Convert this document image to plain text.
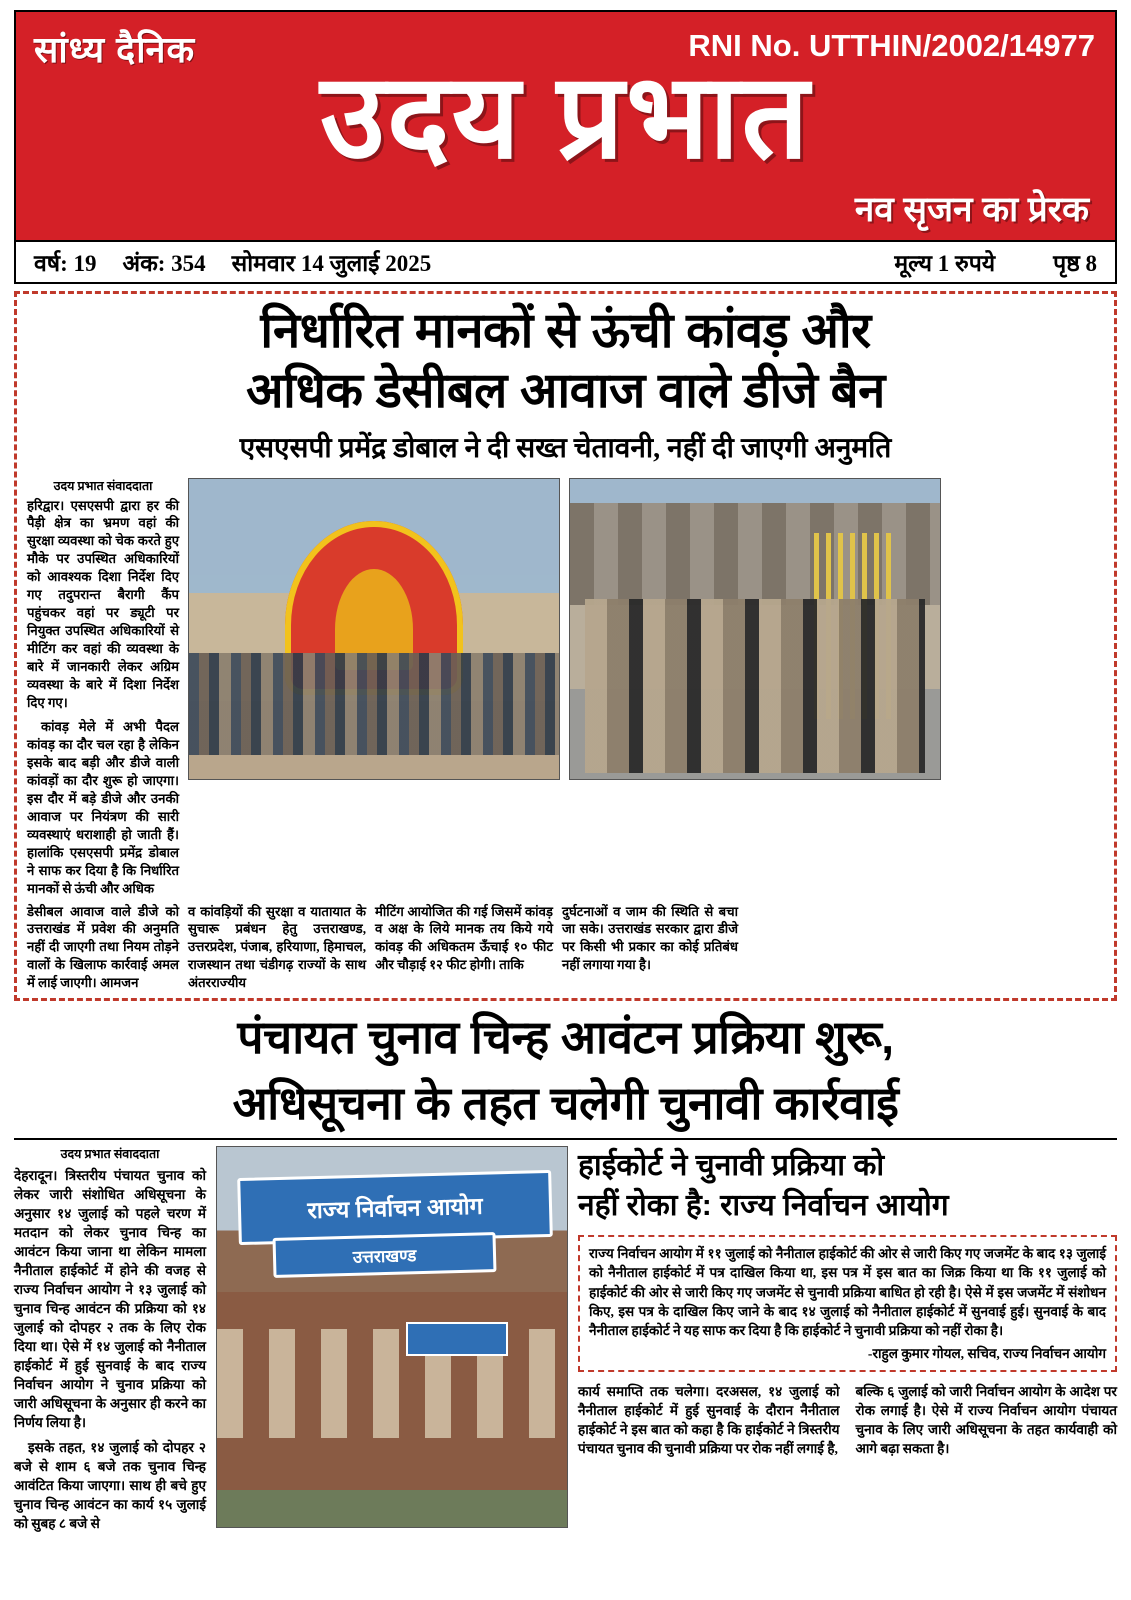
सांध्य दैनिक	RNI No. UTTHIN/2002/14977
उदय प्रभात
नव सृजन का प्रेरक
वर्ष: 19 अंक: 354 सोमवार 14 जुलाई 2025	मूल्य 1 रुपये	पृष्ठ 8
निर्धारित मानकों से ऊंची कांवड़ और
अधिक डेसीबल आवाज वाले डीजे बैन
एसएसपी प्रमेंद्र डोबाल ने दी सख्त चेतावनी, नहीं दी जाएगी अनुमति
उदय प्रभात संवाददाता
हरिद्वार। एसएसपी द्वारा हर की पैड़ी क्षेत्र का भ्रमण वहां की सुरक्षा व्यवस्था को चेक करते हुए मौके पर उपस्थित अधिकारियों को आवश्यक दिशा निर्देश दिए गए तदुपरान्त बैरागी कैंप पहुंचकर वहां पर ड्यूटी पर नियुक्त उपस्थित अधिकारियों से मीटिंग कर वहां की व्यवस्था के बारे में जानकारी लेकर अग्रिम व्यवस्था के बारे में दिशा निर्देश दिए गए।

कांवड़ मेले में अभी पैदल कांवड़ का दौर चल रहा है लेकिन इसके बाद बड़ी और डीजे वाली कांवड़ों का दौर शुरू हो जाएगा। इस दौर में बड़े डीजे और उनकी आवाज पर नियंत्रण की सारी व्यवस्थाएं धराशाही हो जाती हैं। हालांकि एसएसपी प्रमेंद्र डोबाल ने साफ कर दिया है कि निर्धारित मानकों से ऊंची और अधिक

डेसीबल आवाज वाले डीजे को उत्तराखंड में प्रवेश की अनुमति नहीं दी जाएगी तथा नियम तोड़ने वालों के खिलाफ कार्रवाई अमल में लाई जाएगी। आमजन
व कांवड़ियों की सुरक्षा व यातायात के सुचारू प्रबंधन हेतु उत्तराखण्ड, उत्तरप्रदेश, पंजाब, हरियाणा, हिमाचल, राजस्थान तथा चंडीगढ़ राज्यों के साथ अंतरराज्यीय
मीटिंग आयोजित की गई जिसमें कांवड़ व अक्ष के लिये मानक तय किये गये कांवड़ की अधिकतम ऊँचाई १० फीट और चौड़ाई १२ फीट होगी। ताकि
दुर्घटनाओं व जाम की स्थिति से बचा जा सके। उत्तराखंड सरकार द्वारा डीजे पर किसी भी प्रकार का कोई प्रतिबंध नहीं लगाया गया है।
पंचायत चुनाव चिन्ह आवंटन प्रक्रिया शुरू,
अधिसूचना के तहत चलेगी चुनावी कार्रवाई
उदय प्रभात संवाददाता
देहरादून। त्रिस्तरीय पंचायत चुनाव को लेकर जारी संशोधित अधिसूचना के अनुसार १४ जुलाई को पहले चरण में मतदान को लेकर चुनाव चिन्ह का आवंटन किया जाना था लेकिन मामला नैनीताल हाईकोर्ट में होने की वजह से राज्य निर्वाचन आयोग ने १३ जुलाई को चुनाव चिन्ह आवंटन की प्रक्रिया को १४ जुलाई को दोपहर २ तक के लिए रोक दिया था। ऐसे में १४ जुलाई को नैनीताल हाईकोर्ट में हुई सुनवाई के बाद राज्य निर्वाचन आयोग ने चुनाव प्रक्रिया को जारी अधिसूचना के अनुसार ही करने का निर्णय लिया है।

इसके तहत, १४ जुलाई को दोपहर २ बजे से शाम ६ बजे तक चुनाव चिन्ह आवंटित किया जाएगा। साथ ही बचे हुए चुनाव चिन्ह आवंटन का कार्य १५ जुलाई को सुबह ८ बजे से

राज्य निर्वाचन आयोग
उत्तराखण्ड
हाईकोर्ट ने चुनावी प्रक्रिया को
नहीं रोका है: राज्य निर्वाचन आयोग
राज्य निर्वाचन आयोग में ११ जुलाई को नैनीताल हाईकोर्ट की ओर से जारी किए गए जजमेंट के बाद १३ जुलाई को नैनीताल हाईकोर्ट में पत्र दाखिल किया था, इस पत्र में इस बात का जिक्र किया था कि ११ जुलाई को हाईकोर्ट की ओर से जारी किए गए जजमेंट से चुनावी प्रक्रिया बाधित हो रही है। ऐसे में इस जजमेंट में संशोधन किए, इस पत्र के दाखिल किए जाने के बाद १४ जुलाई को नैनीताल हाईकोर्ट में सुनवाई हुई। सुनवाई के बाद नैनीताल हाईकोर्ट ने यह साफ कर दिया है कि हाईकोर्ट ने चुनावी प्रक्रिया को नहीं रोका है।
-राहुल कुमार गोयल, सचिव, राज्य निर्वाचन आयोग
कार्य समाप्ति तक चलेगा। दरअसल, १४ जुलाई को नैनीताल हाईकोर्ट में हुई सुनवाई के दौरान नैनीताल हाईकोर्ट ने इस बात को कहा है कि हाईकोर्ट ने त्रिस्तरीय पंचायत चुनाव की चुनावी प्रक्रिया पर रोक नहीं लगाई है,
बल्कि ६ जुलाई को जारी निर्वाचन आयोग के आदेश पर रोक लगाई है। ऐसे में राज्य निर्वाचन आयोग पंचायत चुनाव के लिए जारी अधिसूचना के तहत कार्यवाही को आगे बढ़ा सकता है।
